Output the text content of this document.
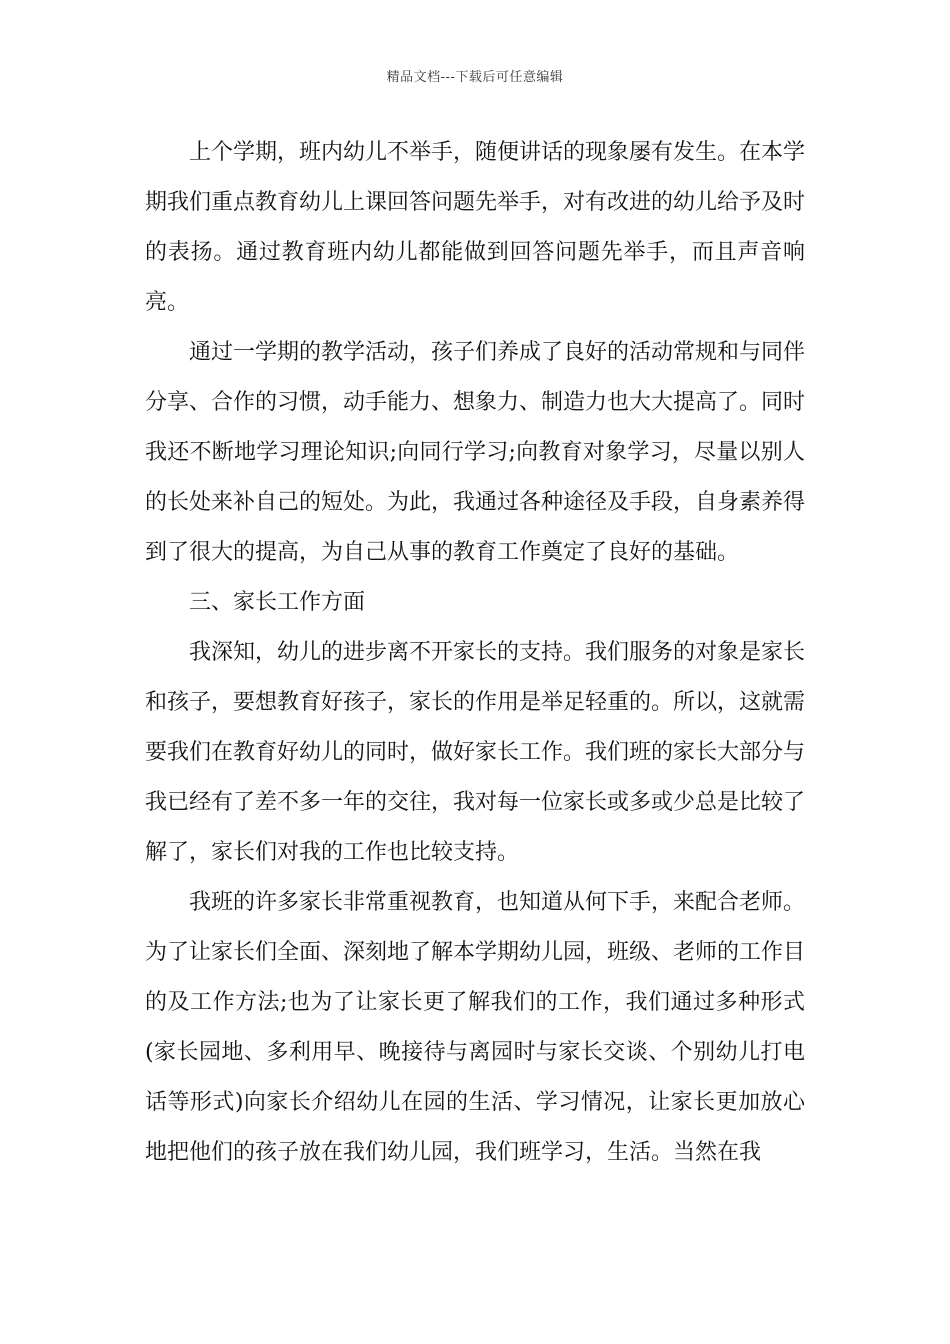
精品文档---下载后可任意编辑

上个学期，班内幼儿不举手，随便讲话的现象屡有发生。在本学期我们重点教育幼儿上课回答问题先举手，对有改进的幼儿给予及时的表扬。通过教育班内幼儿都能做到回答问题先举手，而且声音响亮。

通过一学期的教学活动，孩子们养成了良好的活动常规和与同伴分享、合作的习惯，动手能力、想象力、制造力也大大提高了。同时我还不断地学习理论知识;向同行学习;向教育对象学习，尽量以别人的长处来补自己的短处。为此，我通过各种途径及手段，自身素养得到了很大的提高，为自己从事的教育工作奠定了良好的基础。

三、家长工作方面

我深知，幼儿的进步离不开家长的支持。我们服务的对象是家长和孩子，要想教育好孩子，家长的作用是举足轻重的。所以，这就需要我们在教育好幼儿的同时，做好家长工作。我们班的家长大部分与我已经有了差不多一年的交往，我对每一位家长或多或少总是比较了解了，家长们对我的工作也比较支持。

我班的许多家长非常重视教育，也知道从何下手，来配合老师。为了让家长们全面、深刻地了解本学期幼儿园，班级、老师的工作目的及工作方法;也为了让家长更了解我们的工作，我们通过多种形式(家长园地、多利用早、晚接待与离园时与家长交谈、个别幼儿打电话等形式)向家长介绍幼儿在园的生活、学习情况，让家长更加放心地把他们的孩子放在我们幼儿园，我们班学习，生活。当然在我
